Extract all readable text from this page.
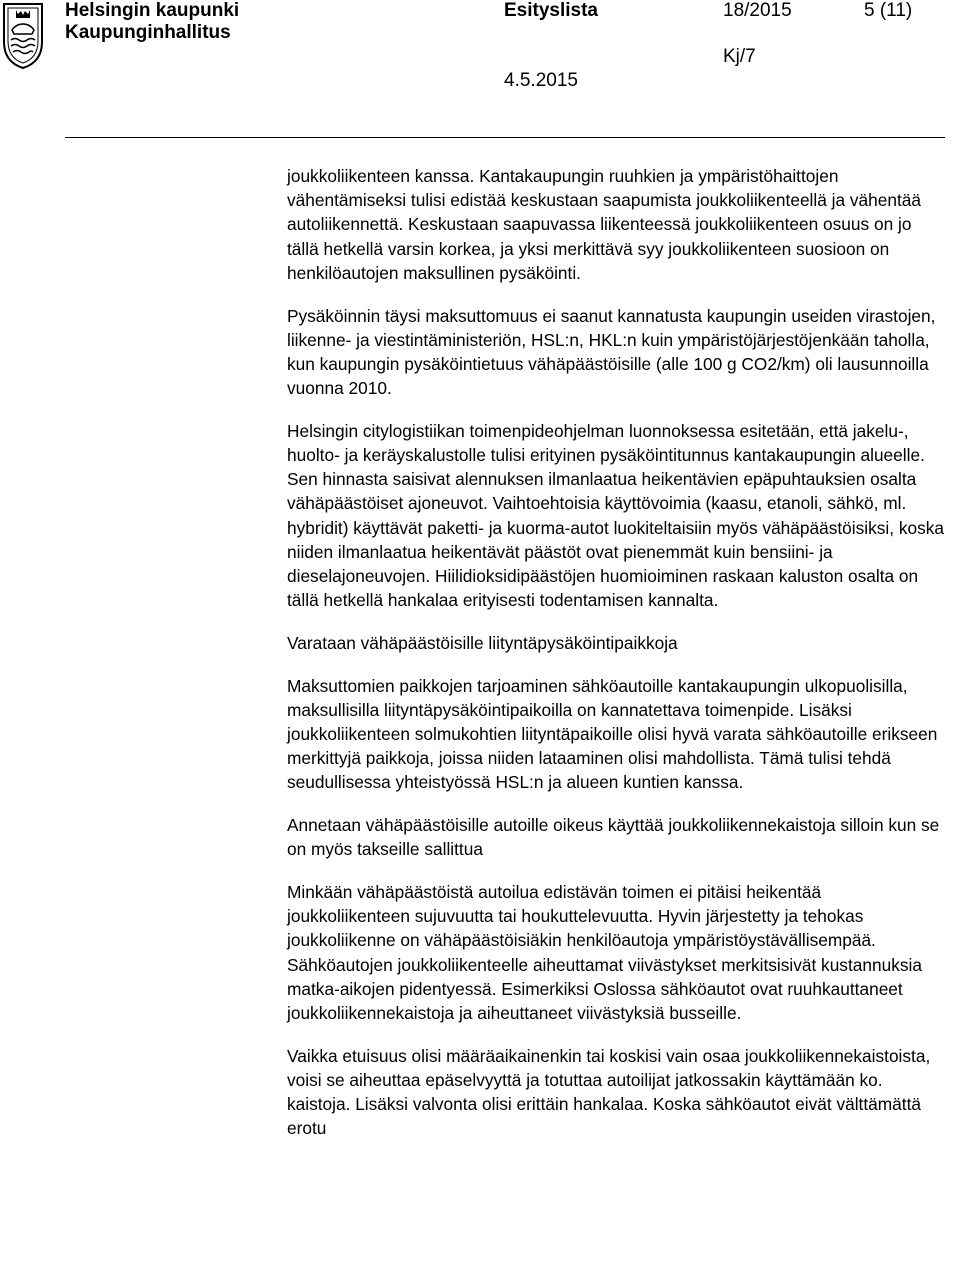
Helsingin kaupunki
Kaupunginhallitus
Esityslista	18/2015	5 (11)
Kj/7
4.5.2015

joukkoliikenteen kanssa. Kantakaupungin ruuhkien ja ympäristöhaittojen vähentämiseksi tulisi edistää keskustaan saapumista joukkoliikenteellä ja vähentää autoliikennettä. Keskustaan saapuvassa liikenteessä joukkoliikenteen osuus on jo tällä hetkellä varsin korkea, ja yksi merkittävä syy joukkoliikenteen suosioon on henkilöautojen maksullinen pysäköinti.

Pysäköinnin täysi maksuttomuus ei saanut kannatusta kaupungin useiden virastojen, liikenne- ja viestintäministeriön, HSL:n, HKL:n kuin ympäristöjärjestöjenkään taholla, kun kaupungin pysäköintietuus vähäpäästöisille (alle 100 g CO2/km) oli lausunnoilla vuonna 2010.

Helsingin citylogistiikan toimenpideohjelman luonnoksessa esitetään, että jakelu-, huolto- ja keräyskalustolle tulisi erityinen pysäköintitunnus kantakaupungin alueelle. Sen hinnasta saisivat alennuksen ilmanlaatua heikentävien epäpuhtauksien osalta vähäpäästöiset ajoneuvot. Vaihtoehtoisia käyttövoimia (kaasu, etanoli, sähkö, ml. hybridit) käyttävät paketti- ja kuorma-autot luokiteltaisiin myös vähäpäästöisiksi, koska niiden ilmanlaatua heikentävät päästöt ovat pienemmät kuin bensiini- ja dieselajoneuvojen. Hiilidioksidipäästöjen huomioiminen raskaan kaluston osalta on tällä hetkellä hankalaa erityisesti todentamisen kannalta.

Varataan vähäpäästöisille liityntäpysäköintipaikkoja

Maksuttomien paikkojen tarjoaminen sähköautoille kantakaupungin ulkopuolisilla, maksullisilla liityntäpysäköintipaikoilla on kannatettava toimenpide. Lisäksi joukkoliikenteen solmukohtien liityntäpaikoille olisi hyvä varata sähköautoille erikseen merkittyjä paikkoja, joissa niiden lataaminen olisi mahdollista. Tämä tulisi tehdä seudullisessa yhteistyössä HSL:n ja alueen kuntien kanssa.

Annetaan vähäpäästöisille autoille oikeus käyttää joukkoliikennekaistoja silloin kun se on myös takseille sallittua

Minkään vähäpäästöistä autoilua edistävän toimen ei pitäisi heikentää joukkoliikenteen sujuvuutta tai houkuttelevuutta. Hyvin järjestetty ja tehokas joukkoliikenne on vähäpäästöisiäkin henkilöautoja ympäristöystävällisempää. Sähköautojen joukkoliikenteelle aiheuttamat viivästykset merkitsisivät kustannuksia matka-aikojen pidentyessä. Esimerkiksi Oslossa sähköautot ovat ruuhkauttaneet joukkoliikennekaistoja ja aiheuttaneet viivästyksiä busseille.

Vaikka etuisuus olisi määräaikainenkin tai koskisi vain osaa joukkoliikennekaistoista, voisi se aiheuttaa epäselvyyttä ja totuttaa autoilijat jatkossakin käyttämään ko. kaistoja. Lisäksi valvonta olisi erittäin hankalaa. Koska sähköautot eivät välttämättä erotu
